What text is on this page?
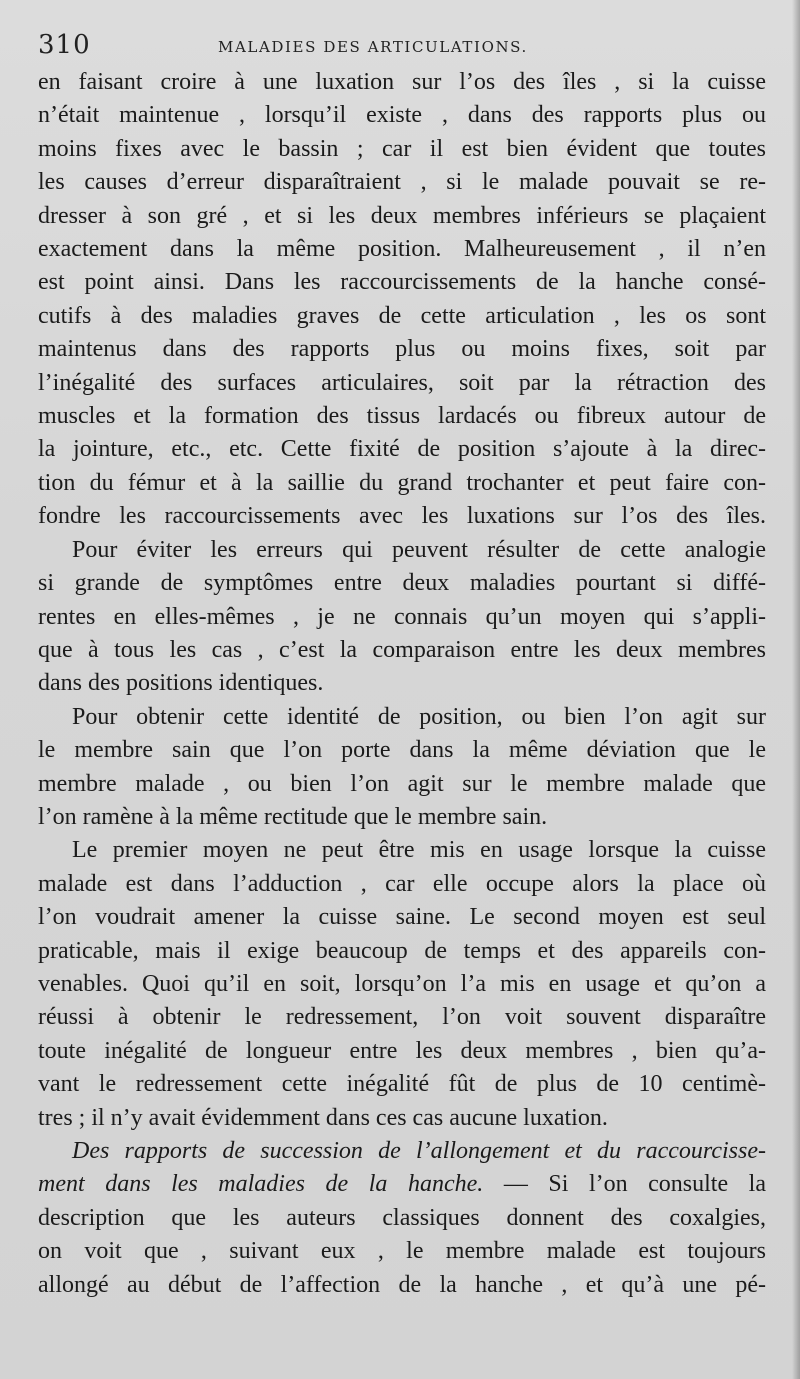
310	MALADIES DES ARTICULATIONS.

en faisant croire à une luxation sur l’os des îles , si la cuisse
n’était maintenue , lorsqu’il existe , dans des rapports plus ou
moins fixes avec le bassin ; car il est bien évident que toutes
les causes d’erreur disparaîtraient , si le malade pouvait se re-
dresser à son gré , et si les deux membres inférieurs se plaçaient
exactement dans la même position. Malheureusement , il n’en
est point ainsi. Dans les raccourcissements de la hanche consé-
cutifs à des maladies graves de cette articulation , les os sont
maintenus dans des rapports plus ou moins fixes, soit par
l’inégalité des surfaces articulaires, soit par la rétraction des
muscles et la formation des tissus lardacés ou fibreux autour de
la jointure, etc., etc. Cette fixité de position s’ajoute à la direc-
tion du fémur et à la saillie du grand trochanter et peut faire con-
fondre les raccourcissements avec les luxations sur l’os des îles.

Pour éviter les erreurs qui peuvent résulter de cette analogie
si grande de symptômes entre deux maladies pourtant si diffé-
rentes en elles-mêmes , je ne connais qu’un moyen qui s’appli-
que à tous les cas , c’est la comparaison entre les deux membres
dans des positions identiques.

Pour obtenir cette identité de position, ou bien l’on agit sur
le membre sain que l’on porte dans la même déviation que le
membre malade , ou bien l’on agit sur le membre malade que
l’on ramène à la même rectitude que le membre sain.

Le premier moyen ne peut être mis en usage lorsque la cuisse
malade est dans l’adduction , car elle occupe alors la place où
l’on voudrait amener la cuisse saine. Le second moyen est seul
praticable, mais il exige beaucoup de temps et des appareils con-
venables. Quoi qu’il en soit, lorsqu’on l’a mis en usage et qu’on a
réussi à obtenir le redressement, l’on voit souvent disparaître
toute inégalité de longueur entre les deux membres , bien qu’a-
vant le redressement cette inégalité fût de plus de 10 centimè-
tres ; il n’y avait évidemment dans ces cas aucune luxation.

Des rapports de succession de l’allongement et du raccourcisse-
ment dans les maladies de la hanche. — Si l’on consulte la
description que les auteurs classiques donnent des coxalgies,
on voit que , suivant eux , le membre malade est toujours
allongé au début de l’affection de la hanche , et qu’à une pé-
